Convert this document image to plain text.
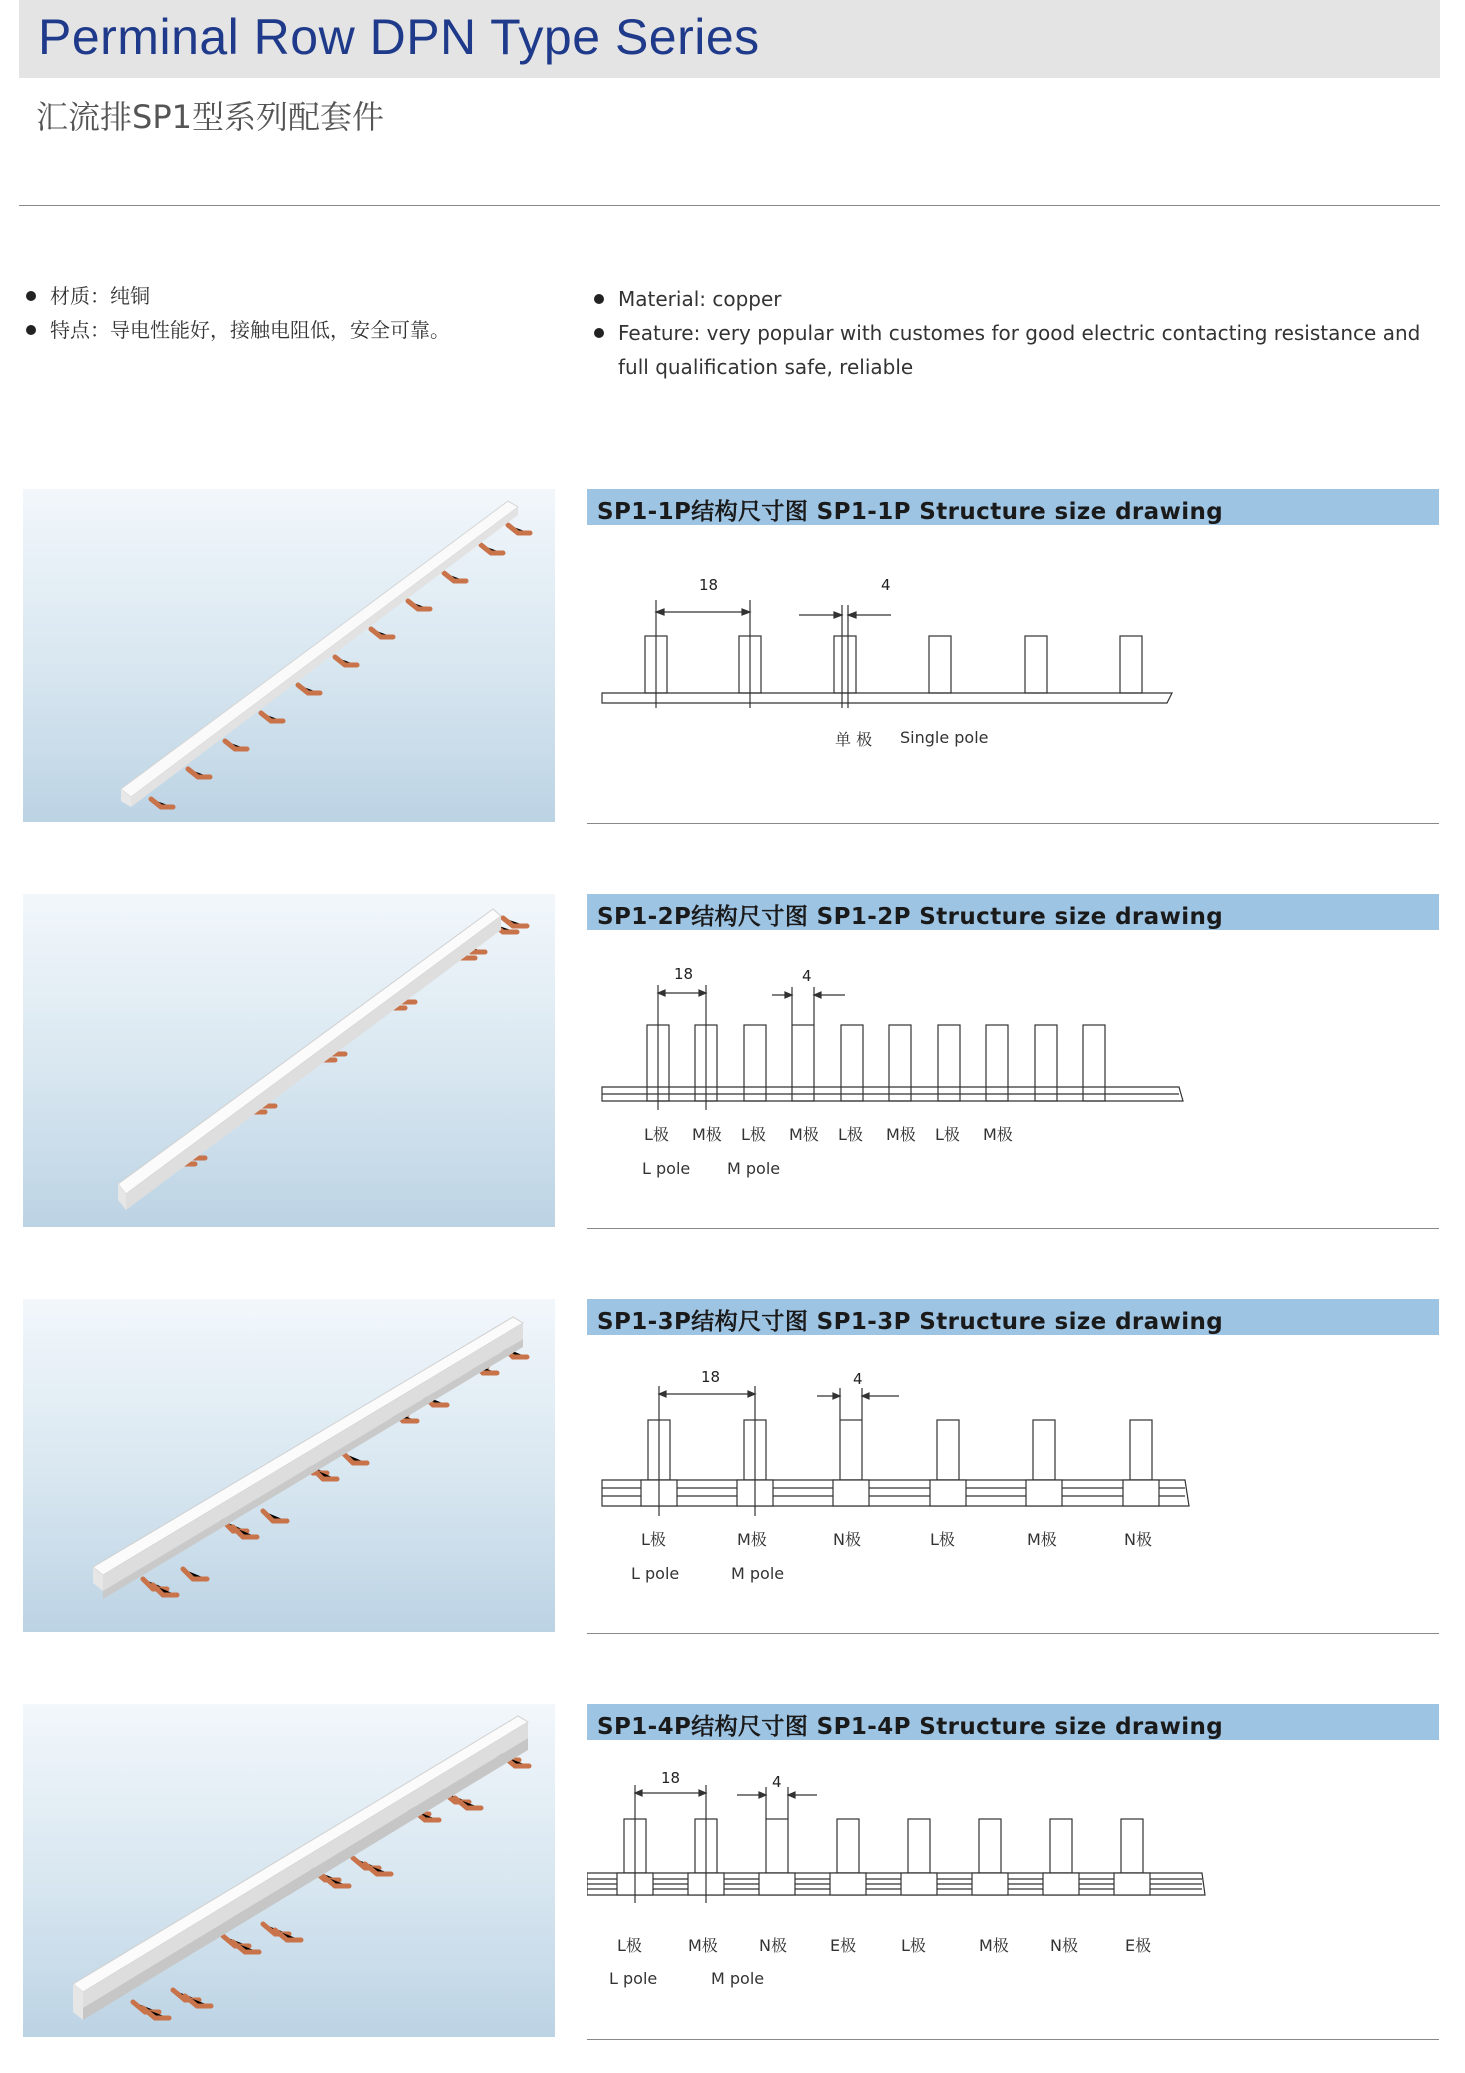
Perminal Row DPN Type Series
汇流排SP1型系列配套件
材质：纯铜
特点：导电性能好，接触电阻低，安全可靠。
Material: copper
Feature: very popular with customes for good electric contacting resistance and full qualification safe, reliable
SP1-1P结构尺寸图 SP1-1P Structure size drawing
18	4
单 极 Single pole
SP1-2P结构尺寸图 SP1-2P Structure size drawing
18	4
L极 M极 L极 M极 L极 M极 L极 M极
L pole M pole
SP1-3P结构尺寸图 SP1-3P Structure size drawing
18	4
L极	M极	N极	L极	M极	N极
L pole	M pole
SP1-4P结构尺寸图 SP1-4P Structure size drawing
18	4
L极	M极	N极	E极	L极	M极	N极	E极
L pole	M pole
